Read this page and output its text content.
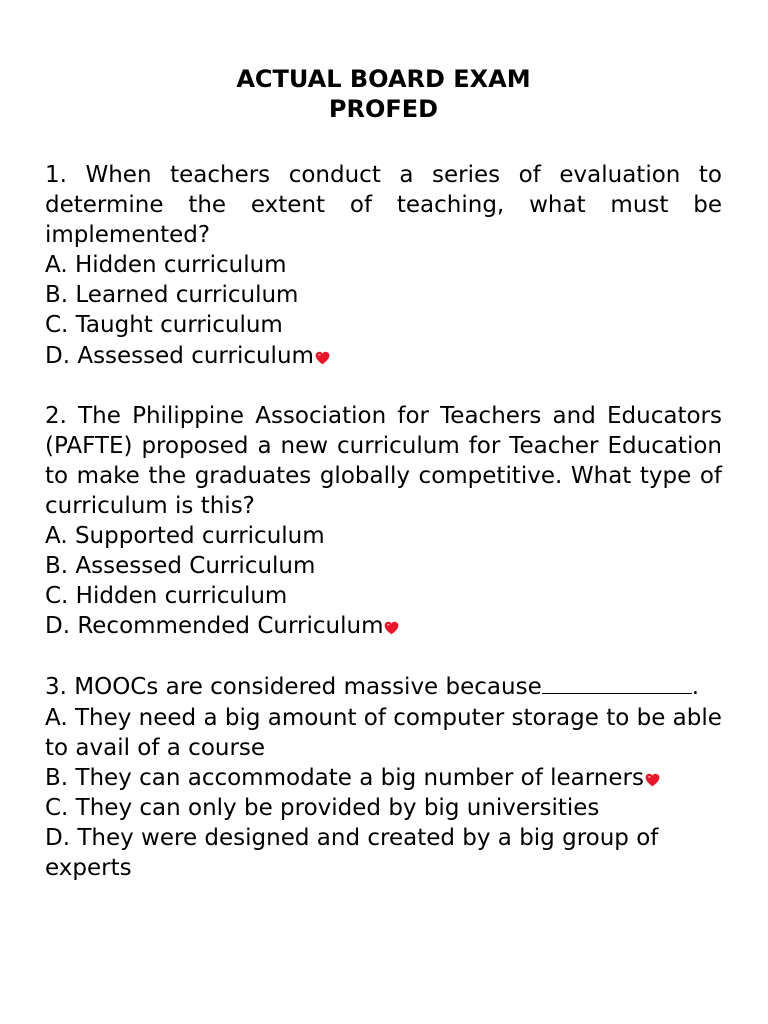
ACTUAL BOARD EXAM

PROFED

1. When teachers conduct a series of evaluation to determine the extent of teaching, what must be implemented?

A. Hidden curriculum

B. Learned curriculum

C. Taught curriculum

D. Assessed curriculum

2. The Philippine Association for Teachers and Educators (PAFTE) proposed a new curriculum for Teacher Education to make the graduates globally competitive. What type of curriculum is this?

A. Supported curriculum

B. Assessed Curriculum

C. Hidden curriculum

D. Recommended Curriculum

3. MOOCs are considered massive because	.

A. They need a big amount of computer storage to be able to avail of a course

B. They can accommodate a big number of learners

C. They can only be provided by big universities

D. They were designed and created by a big group of experts
